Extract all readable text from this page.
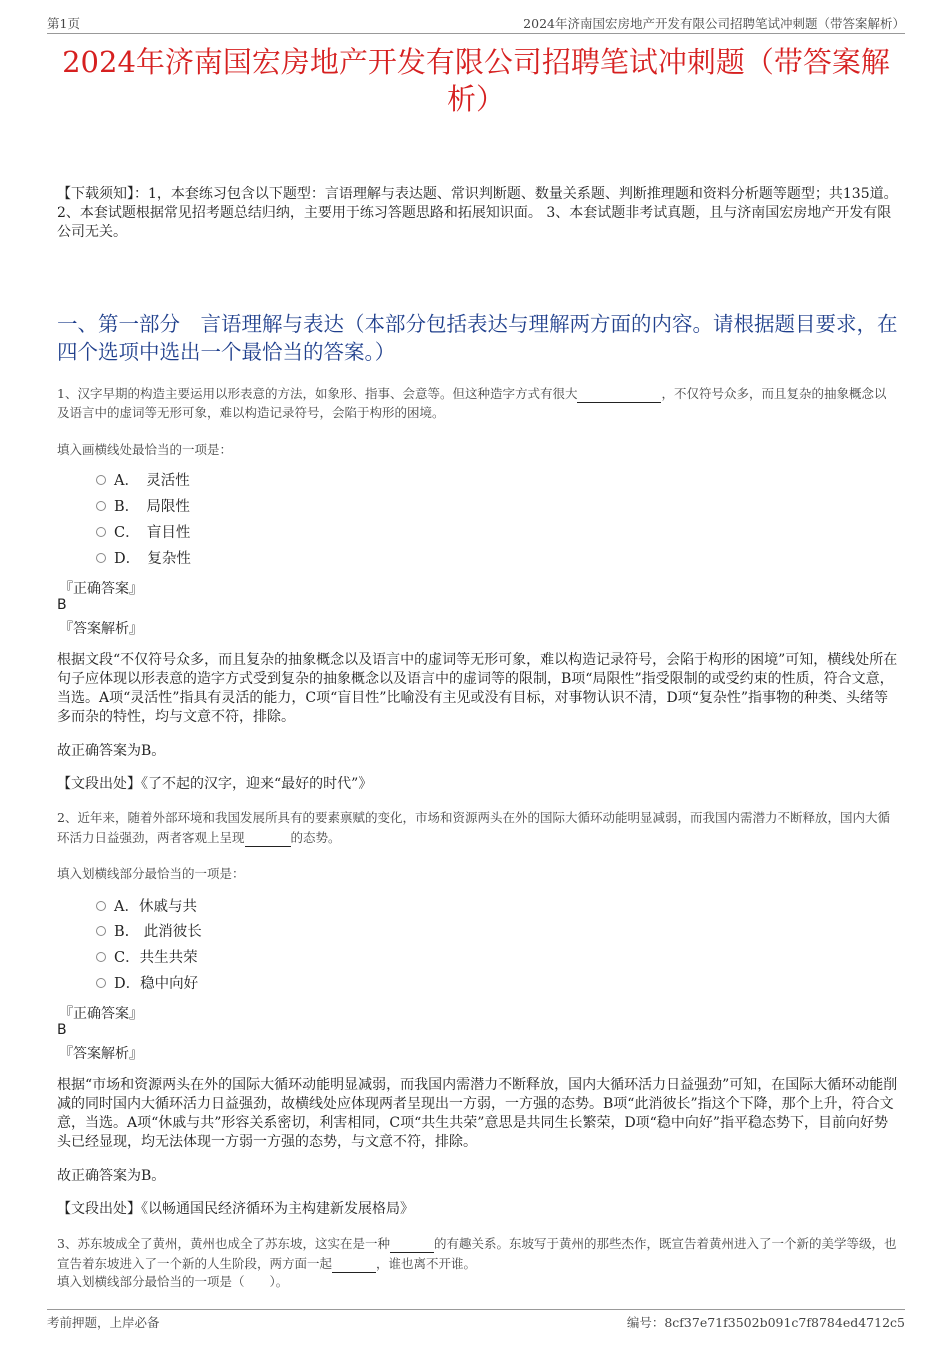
第1页	2024年济南国宏房地产开发有限公司招聘笔试冲刺题（带答案解析）
2024年济南国宏房地产开发有限公司招聘笔试冲刺题（带答案解析）
【下载须知】：1，本套练习包含以下题型：言语理解与表达题、常识判断题、数量关系题、判断推理题和资料分析题等题型；共135道。 2、本套试题根据常见招考题总结归纳，主要用于练习答题思路和拓展知识面。 3、本套试题非考试真题，且与济南国宏房地产开发有限公司无关。
一、第一部分　言语理解与表达（本部分包括表达与理解两方面的内容。请根据题目要求，在四个选项中选出一个最恰当的答案。）
1、汉字早期的构造主要运用以形表意的方法，如象形、指事、会意等。但这种造字方式有很大	，不仅符号众多，而且复杂的抽象概念以及语言中的虚词等无形可象，难以构造记录符号，会陷于构形的困境。
填入画横线处最恰当的一项是：
A．　灵活性
B．　局限性
C．　盲目性
D．　复杂性
『正确答案』
B
『答案解析』
根据文段“不仅符号众多，而且复杂的抽象概念以及语言中的虚词等无形可象，难以构造记录符号，会陷于构形的困境”可知，横线处所在句子应体现以形表意的造字方式受到复杂的抽象概念以及语言中的虚词等的限制，B项“局限性”指受限制的或受约束的性质，符合文意，当选。A项“灵活性”指具有灵活的能力，C项“盲目性”比喻没有主见或没有目标，对事物认识不清，D项“复杂性”指事物的种类、头绪等多而杂的特性，均与文意不符，排除。
故正确答案为B。
【文段出处】《了不起的汉字，迎来“最好的时代”》
2、近年来，随着外部环境和我国发展所具有的要素禀赋的变化，市场和资源两头在外的国际大循环动能明显减弱，而我国内需潜力不断释放，国内大循环活力日益强劲，两者客观上呈现	的态势。
填入划横线部分最恰当的一项是：
A．休戚与共
B.　此消彼长
C．共生共荣
D．稳中向好
『正确答案』
B
『答案解析』
根据“市场和资源两头在外的国际大循环动能明显减弱，而我国内需潜力不断释放，国内大循环活力日益强劲”可知，在国际大循环动能削减的同时国内大循环活力日益强劲，故横线处应体现两者呈现出一方弱，一方强的态势。B项“此消彼长”指这个下降，那个上升，符合文意，当选。A项“休戚与共”形容关系密切，利害相同，C项“共生共荣”意思是共同生长繁荣，D项“稳中向好”指平稳态势下，目前向好势头已经显现，均无法体现一方弱一方强的态势，与文意不符，排除。
故正确答案为B。
【文段出处】《以畅通国民经济循环为主构建新发展格局》
3、苏东坡成全了黄州，黄州也成全了苏东坡，这实在是一种	的有趣关系。东坡写于黄州的那些杰作，既宣告着黄州进入了一个新的美学等级，也宣告着东坡进入了一个新的人生阶段，两方面一起	，谁也离不开谁。
填入划横线部分最恰当的一项是（　　）。
考前押题，上岸必备	编号：8cf37e71f3502b091c7f8784ed4712c5
